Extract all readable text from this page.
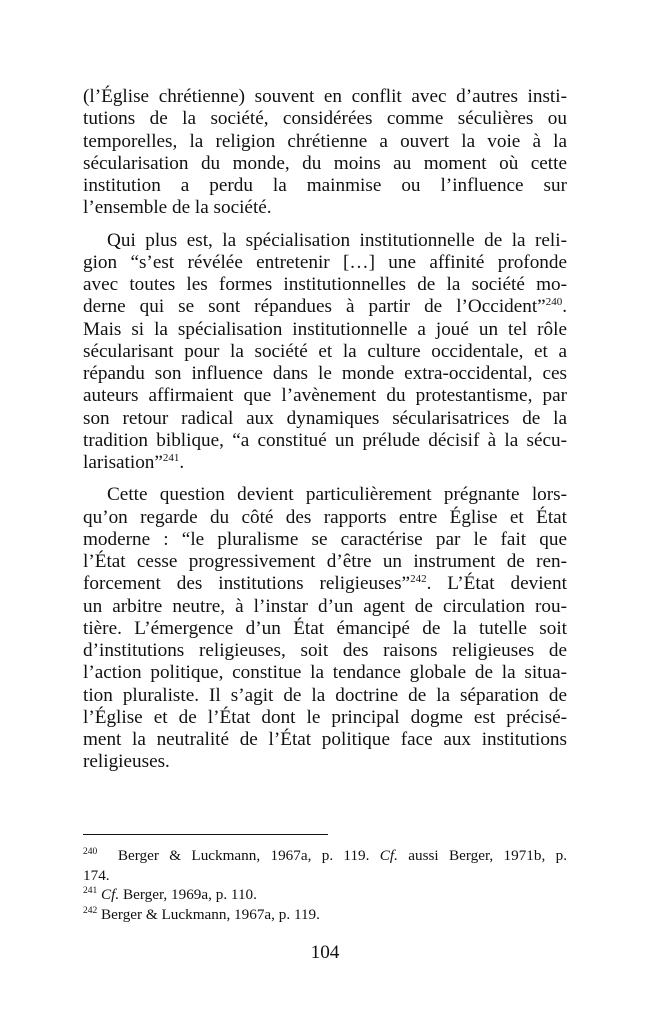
(l’Église chrétienne) souvent en conflit avec d’autres insti-
tutions de la société, considérées comme séculières ou
temporelles, la religion chrétienne a ouvert la voie à la
sécularisation du monde, du moins au moment où cette
institution a perdu la mainmise ou l’influence sur
l’ensemble de la société.
Qui plus est, la spécialisation institutionnelle de la reli-
gion “s’est révélée entretenir […] une affinité profonde
avec toutes les formes institutionnelles de la société mo-
derne qui se sont répandues à partir de l’Occident”$^{240}$.
Mais si la spécialisation institutionnelle a joué un tel rôle
sécularisant pour la société et la culture occidentale, et a
répandu son influence dans le monde extra-occidental, ces
auteurs affirmaient que l’avènement du protestantisme, par
son retour radical aux dynamiques sécularisatrices de la
tradition biblique, “a constitué un prélude décisif à la sécu-
larisation”$^{241}$.
Cette question devient particulièrement prégnante lors-
qu’on regarde du côté des rapports entre Église et État
moderne : “le pluralisme se caractérise par le fait que
l’État cesse progressivement d’être un instrument de ren-
forcement des institutions religieuses”$^{242}$. L’État devient
un arbitre neutre, à l’instar d’un agent de circulation rou-
tière. L’émergence d’un État émancipé de la tutelle soit
d’institutions religieuses, soit des raisons religieuses de
l’action politique, constitue la tendance globale de la situa-
tion pluraliste. Il s’agit de la doctrine de la séparation de
l’Église et de l’État dont le principal dogme est précisé-
ment la neutralité de l’État politique face aux institutions
religieuses.
$^{240}$  Berger & Luckmann, 1967a, p. 119. Cf. aussi Berger, 1971b, p.
174.
$^{241}$ Cf. Berger, 1969a, p. 110.
$^{242}$ Berger & Luckmann, 1967a, p. 119.
104
